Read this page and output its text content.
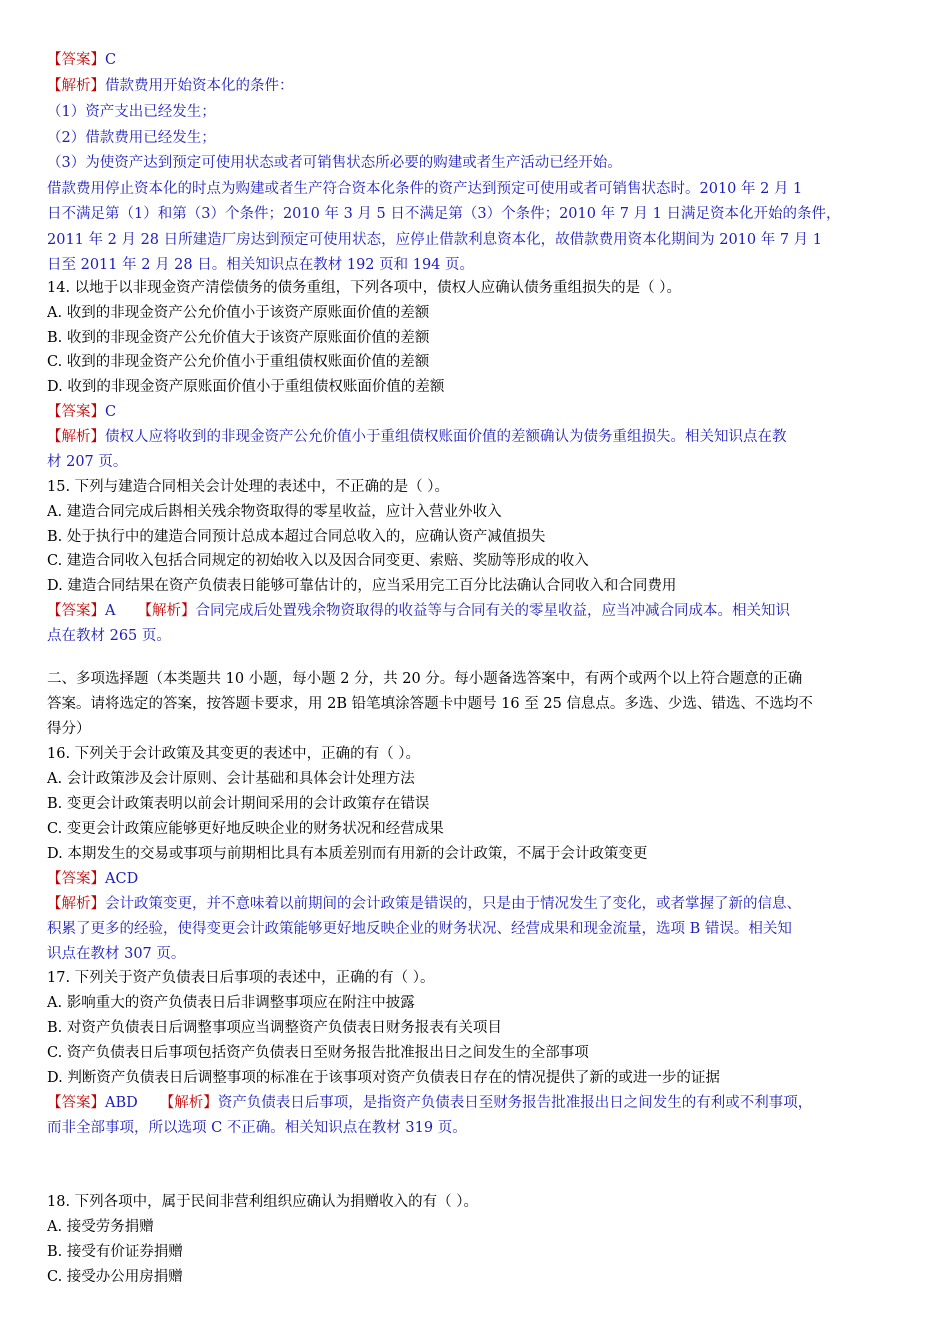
【答案】C
【解析】借款费用开始资本化的条件：
（1）资产支出已经发生；
（2）借款费用已经发生；
（3）为使资产达到预定可使用状态或者可销售状态所必要的购建或者生产活动已经开始。
借款费用停止资本化的时点为购建或者生产符合资本化条件的资产达到预定可使用或者可销售状态时。2010 年 2 月 1
日不满足第（1）和第（3）个条件；2010 年 3 月 5 日不满足第（3）个条件；2010 年 7 月 1 日满足资本化开始的条件，
2011 年 2 月 28 日所建造厂房达到预定可使用状态，应停止借款利息资本化，故借款费用资本化期间为 2010 年 7 月 1
日至 2011 年 2 月 28 日。相关知识点在教材 192 页和 194 页。
14. 以地于以非现金资产清偿债务的债务重组，下列各项中，债权人应确认债务重组损失的是（ ）。
A. 收到的非现金资产公允价值小于该资产原账面价值的差额
B. 收到的非现金资产公允价值大于该资产原账面价值的差额
C. 收到的非现金资产公允价值小于重组债权账面价值的差额
D. 收到的非现金资产原账面价值小于重组债权账面价值的差额
【答案】C
【解析】债权人应将收到的非现金资产公允价值小于重组债权账面价值的差额确认为债务重组损失。相关知识点在教
材 207 页。
15. 下列与建造合同相关会计处理的表述中，不正确的是（ ）。
A. 建造合同完成后斟相关残余物资取得的零星收益，应计入营业外收入
B. 处于执行中的建造合同预计总成本超过合同总收入的，应确认资产减值损失
C. 建造合同收入包括合同规定的初始收入以及因合同变更、索赔、奖励等形成的收入
D. 建造合同结果在资产负债表日能够可靠估计的，应当采用完工百分比法确认合同收入和合同费用
【答案】A 【解析】合同完成后处置残余物资取得的收益等与合同有关的零星收益，应当冲减合同成本。相关知识
点在教材 265 页。
二、多项选择题（本类题共 10 小题，每小题 2 分，共 20 分。每小题备选答案中，有两个或两个以上符合题意的正确
答案。请将选定的答案，按答题卡要求，用 2B 铅笔填涂答题卡中题号 16 至 25 信息点。多选、少选、错选、不选均不
得分）
16. 下列关于会计政策及其变更的表述中，正确的有（ ）。
A. 会计政策涉及会计原则、会计基础和具体会计处理方法
B. 变更会计政策表明以前会计期间采用的会计政策存在错误
C. 变更会计政策应能够更好地反映企业的财务状况和经营成果
D. 本期发生的交易或事项与前期相比具有本质差别而有用新的会计政策，不属于会计政策变更
【答案】ACD
【解析】会计政策变更，并不意味着以前期间的会计政策是错误的，只是由于情况发生了变化，或者掌握了新的信息、
积累了更多的经验，使得变更会计政策能够更好地反映企业的财务状况、经营成果和现金流量，选项 B 错误。相关知
识点在教材 307 页。
17. 下列关于资产负债表日后事项的表述中，正确的有（ ）。
A. 影响重大的资产负债表日后非调整事项应在附注中披露
B. 对资产负债表日后调整事项应当调整资产负债表日财务报表有关项目
C. 资产负债表日后事项包括资产负债表日至财务报告批准报出日之间发生的全部事项
D. 判断资产负债表日后调整事项的标准在于该事项对资产负债表日存在的情况提供了新的或进一步的证据
【答案】ABD 【解析】资产负债表日后事项，是指资产负债表日至财务报告批准报出日之间发生的有利或不利事项，
而非全部事项，所以选项 C 不正确。相关知识点在教材 319 页。
18. 下列各项中，属于民间非营利组织应确认为捐赠收入的有（ ）。
A. 接受劳务捐赠
B. 接受有价证券捐赠
C. 接受办公用房捐赠
